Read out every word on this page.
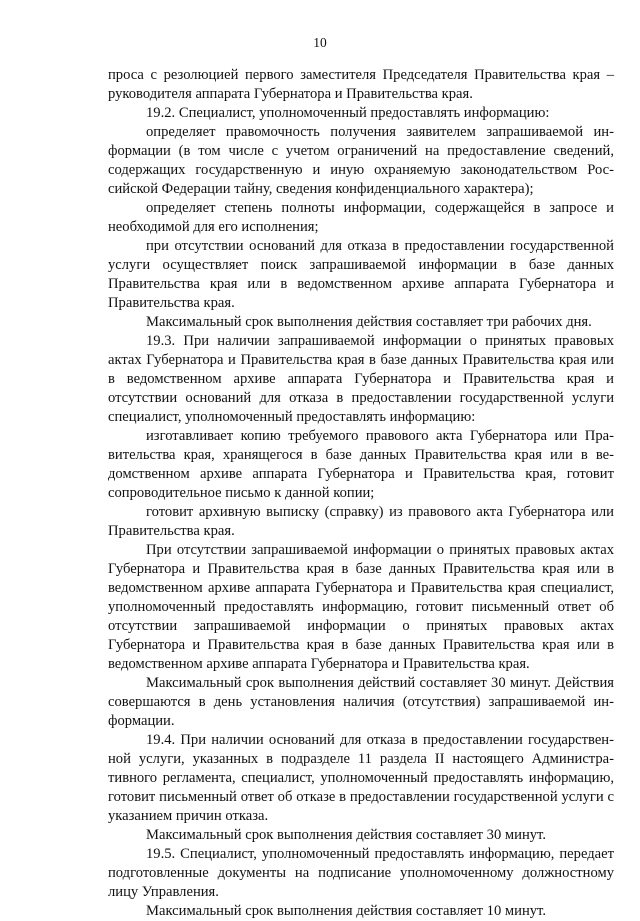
10

проса с резолюцией первого заместителя Председателя Правительства края – руководителя аппарата Губернатора и Правительства края.

19.2. Специалист, уполномоченный предоставлять информацию:

определяет правомочность получения заявителем запрашиваемой информации (в том числе с учетом ограничений на предоставление сведений, содержащих государственную и иную охраняемую законодательством Российской Федерации тайну, сведения конфиденциального характера);

определяет степень полноты информации, содержащейся в запросе и необходимой для его исполнения;

при отсутствии оснований для отказа в предоставлении государственной услуги осуществляет поиск запрашиваемой информации в базе данных Правительства края или в ведомственном архиве аппарата Губернатора и Правительства края.

Максимальный срок выполнения действия составляет три рабочих дня.

19.3. При наличии запрашиваемой информации о принятых правовых актах Губернатора и Правительства края в базе данных Правительства края или в ведомственном архиве аппарата Губернатора и Правительства края и отсутствии оснований для отказа в предоставлении государственной услуги специалист, уполномоченный предоставлять информацию:

изготавливает копию требуемого правового акта Губернатора или Правительства края, хранящегося в базе данных Правительства края или в ведомственном архиве аппарата Губернатора и Правительства края, готовит сопроводительное письмо к данной копии;

готовит архивную выписку (справку) из правового акта Губернатора или Правительства края.

При отсутствии запрашиваемой информации о принятых правовых актах Губернатора и Правительства края в базе данных Правительства края или в ведомственном архиве аппарата Губернатора и Правительства края специалист, уполномоченный предоставлять информацию, готовит письменный ответ об отсутствии запрашиваемой информации о принятых правовых актах Губернатора и Правительства края в базе данных Правительства края или в ведомственном архиве аппарата Губернатора и Правительства края.

Максимальный срок выполнения действий составляет 30 минут. Действия совершаются в день установления наличия (отсутствия) запрашиваемой информации.

19.4. При наличии оснований для отказа в предоставлении государственной услуги, указанных в подразделе 11 раздела II настоящего Административного регламента, специалист, уполномоченный предоставлять информацию, готовит письменный ответ об отказе в предоставлении государственной услуги с указанием причин отказа.

Максимальный срок выполнения действия составляет 30 минут.

19.5. Специалист, уполномоченный предоставлять информацию, передает подготовленные документы на подписание уполномоченному должностному лицу Управления.

Максимальный срок выполнения действия составляет 10 минут.
